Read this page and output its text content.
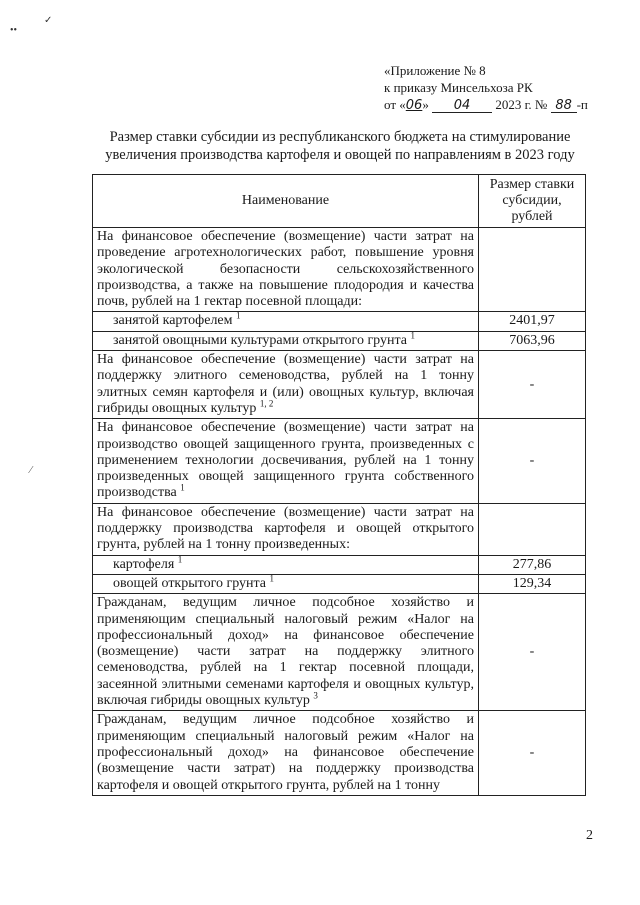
••
✓
⁄
«Приложение № 8
к приказу Минсельхоза РК
от «06» 04 2023 г. № 88 -п
Размер ставки субсидии из республиканского бюджета на стимулирование
увеличения производства картофеля и овощей по направлениям в 2023 году
Наименование	Размер ставки субсидии, рублей
На финансовое обеспечение (возмещение) части затрат на проведение агротехнологических работ, повышение уровня экологической безопасности сельскохозяйственного производства, а также на повышение плодородия и качества почв, рублей на 1 гектар посевной площади:	
занятой картофелем $^1$	2401,97
занятой овощными культурами открытого грунта $^1$	7063,96
На финансовое обеспечение (возмещение) части затрат на поддержку элитного семеноводства, рублей на 1 тонну элитных семян картофеля и (или) овощных культур, включая гибриды овощных культур $^{1, 2}$	-
На финансовое обеспечение (возмещение) части затрат на производство овощей защищенного грунта, произведенных с применением технологии досвечивания, рублей на 1 тонну произведенных овощей защищенного грунта собственного производства $^1$	-
На финансовое обеспечение (возмещение) части затрат на поддержку производства картофеля и овощей открытого грунта, рублей на 1 тонну произведенных:	
картофеля $^1$	277,86
овощей открытого грунта $^1$	129,34
Гражданам, ведущим личное подсобное хозяйство и применяющим специальный налоговый режим «Налог на профессиональный доход» на финансовое обеспечение (возмещение) части затрат на поддержку элитного семеноводства, рублей на 1 гектар посевной площади, засеянной элитными семенами картофеля и овощных культур, включая гибриды овощных культур $^3$	-
Гражданам, ведущим личное подсобное хозяйство и применяющим специальный налоговый режим «Налог на профессиональный доход» на финансовое обеспечение (возмещение части затрат) на поддержку производства картофеля и овощей открытого грунта, рублей на 1 тонну	-
2
